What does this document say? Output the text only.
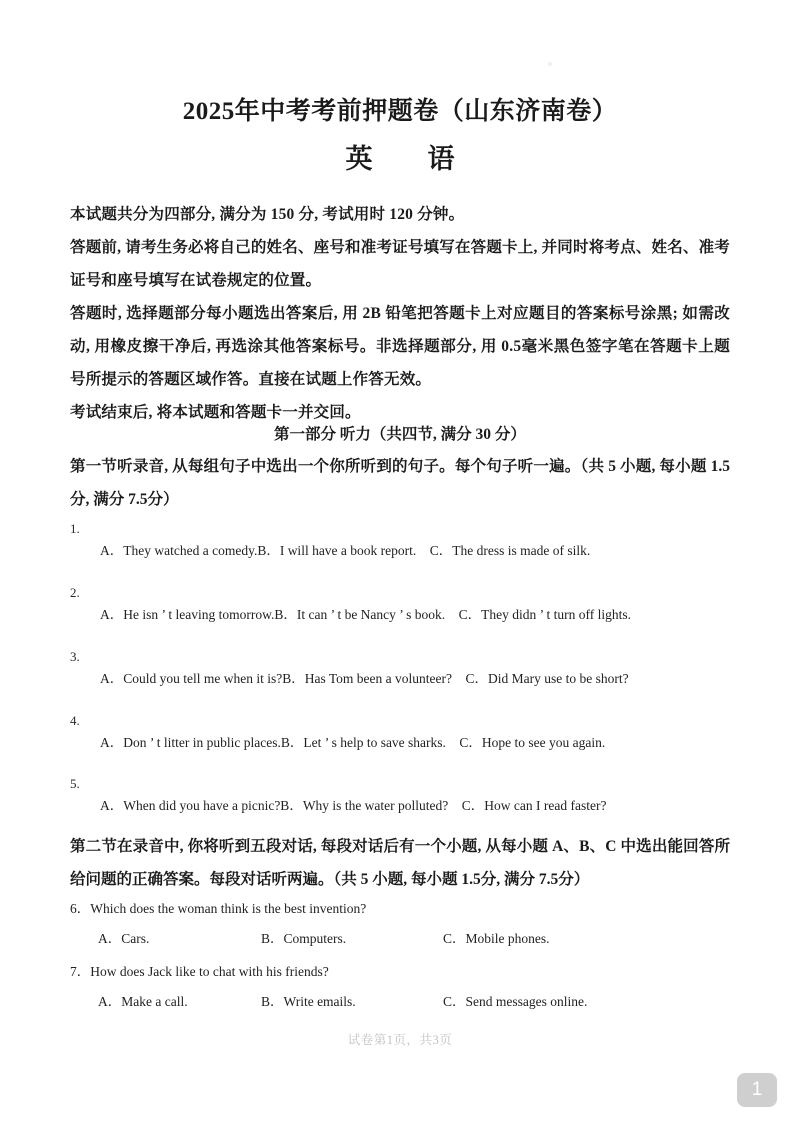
2025年中考考前押题卷（山东济南卷）
英　语

本试题共分为四部分, 满分为 150 分, 考试用时 120 分钟。

答题前, 请考生务必将自己的姓名、座号和准考证号填写在答题卡上, 并同时将考点、姓名、准考证号和座号填写在试卷规定的位置。

答题时, 选择题部分每小题选出答案后, 用 2B 铅笔把答题卡上对应题目的答案标号涂黑; 如需改动, 用橡皮擦干净后, 再选涂其他答案标号。非选择题部分, 用 0.5毫米黑色签字笔在答题卡上题号所提示的答题区域作答。直接在试题上作答无效。

考试结束后, 将本试题和答题卡一并交回。

第一部分 听力（共四节, 满分 30 分）
第一节听录音, 从每组句子中选出一个你所听到的句子。每个句子听一遍。（共 5 小题, 每小题 1.5分, 满分 7.5分）
1.
A．They watched a comedy.B．I will have a book report.　C．The dress is made of silk.
2.
A．He isn ’ t leaving tomorrow.B．It can ’ t be Nancy ’ s book.　C．They didn ’ t turn off lights.
3.
A．Could you tell me when it is?B．Has Tom been a volunteer?　C．Did Mary use to be short?
4.
A．Don ’ t litter in public places.B．Let ’ s help to save sharks.　C．Hope to see you again.
5.
A．When did you have a picnic?B．Why is the water polluted?　C．How can I read faster?
第二节在录音中, 你将听到五段对话, 每段对话后有一个小题, 从每小题 A、B、C 中选出能回答所给问题的正确答案。每段对话听两遍。（共 5 小题, 每小题 1.5分, 满分 7.5分）
6．Which does the woman think is the best invention?
A．Cars.	B．Computers.	C．Mobile phones.
7．How does Jack like to chat with his friends?
A．Make a call.	B．Write emails.	C．Send messages online.
试卷第1页，共3页
1
